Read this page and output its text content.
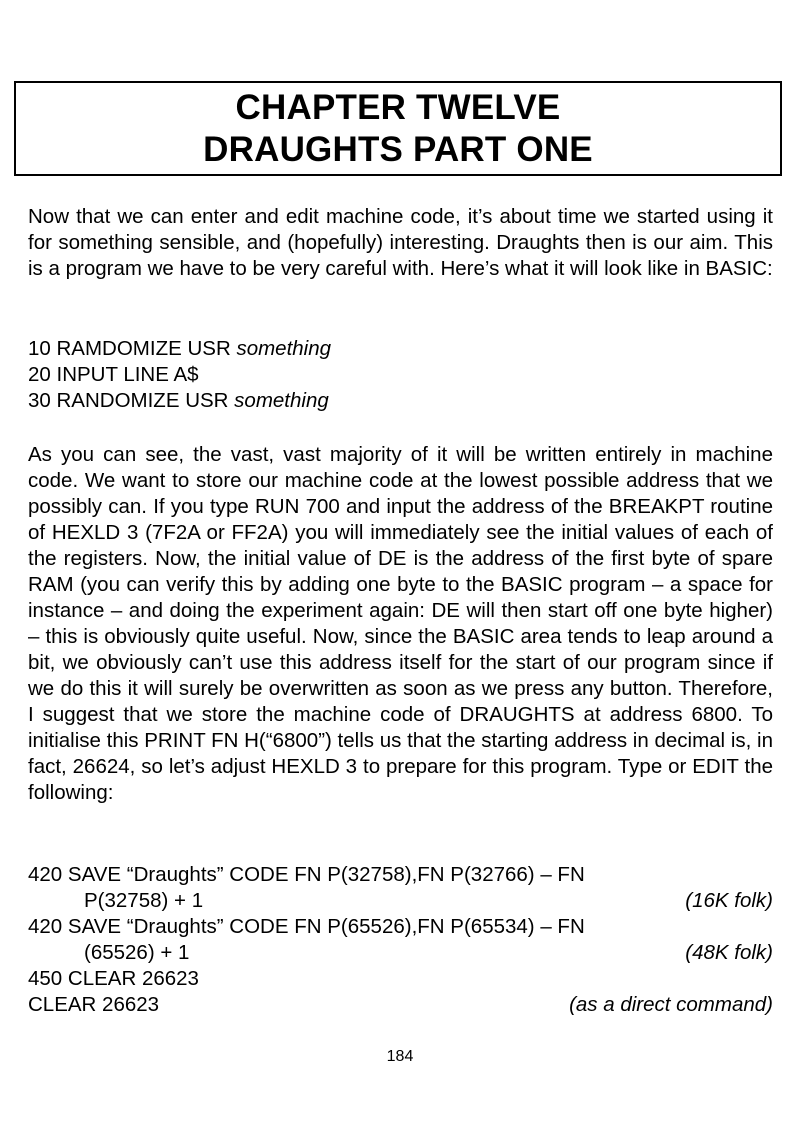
CHAPTER TWELVE
DRAUGHTS PART ONE

Now that we can enter and edit machine code, it’s about time we started using it for something sensible, and (hopefully) interesting. Draughts then is our aim. This is a program we have to be very careful with. Here’s what it will look like in BASIC:

10 RAMDOMIZE USR something

20 INPUT LINE A$

30 RANDOMIZE USR something

As you can see, the vast, vast majority of it will be written entirely in machine code. We want to store our machine code at the lowest possible address that we possibly can. If you type RUN 700 and input the address of the BREAKPT routine of HEXLD 3 (7F2A or FF2A) you will immediately see the initial values of each of the registers. Now, the initial value of DE is the address of the first byte of spare RAM (you can verify this by adding one byte to the BASIC program – a space for instance – and doing the experiment again: DE will then start off one byte higher) – this is obviously quite useful. Now, since the BASIC area tends to leap around a bit, we obviously can’t use this address itself for the start of our program since if we do this it will surely be overwritten as soon as we press any button. Therefore, I suggest that we store the machine code of DRAUGHTS at address 6800. To initialise this PRINT FN H(“6800”) tells us that the starting address in decimal is, in fact, 26624, so let’s adjust HEXLD 3 to prepare for this program. Type or EDIT the following:

420 SAVE “Draughts” CODE FN P(32758),FN P(32766) – FN

P(32758) + 1	(16K folk)

420 SAVE “Draughts” CODE FN P(65526),FN P(65534) – FN

(65526) + 1	(48K folk)

450 CLEAR 26623

CLEAR 26623	(as a direct command)
184
